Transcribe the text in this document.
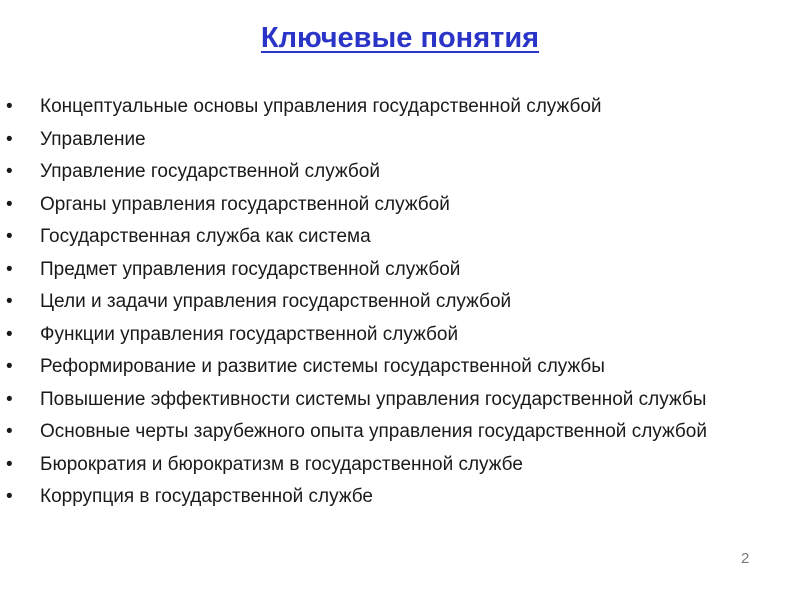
Ключевые понятия
•	Концептуальные основы управления государственной службой
•	Управление
•	Управление государственной службой
•	Органы управления государственной службой
•	Государственная служба как система
•	Предмет управления государственной службой
•	Цели и задачи управления государственной службой
•	Функции управления государственной службой
•	Реформирование и развитие системы государственной службы
•	Повышение эффективности системы управления государственной службы
•	Основные черты зарубежного опыта управления государственной службой
•	Бюрократия и бюрократизм в государственной службе
•	Коррупция в государственной службе
2
